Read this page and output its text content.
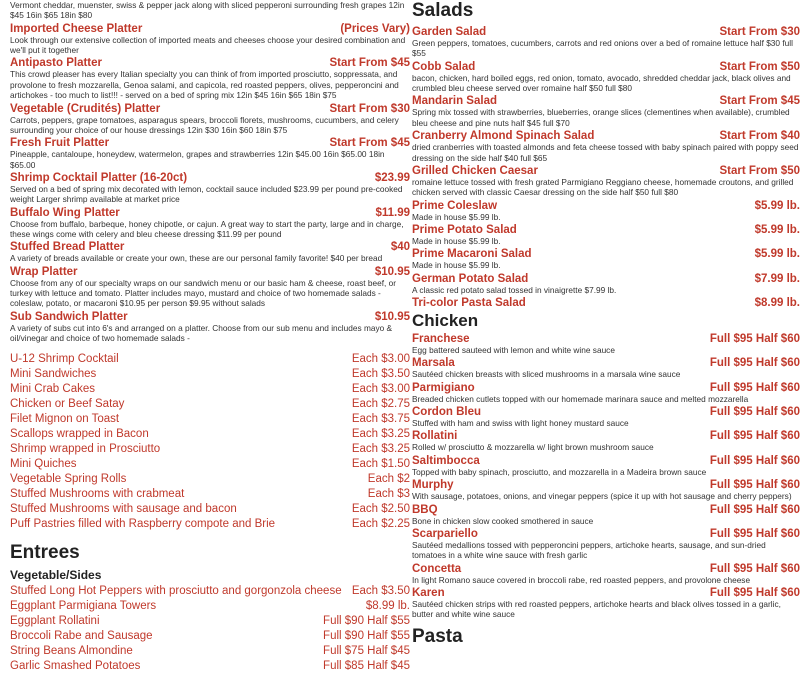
Vermont cheddar, muenster, swiss & pepper jack along with sliced pepperoni surrounding fresh grapes 12in $45 16in $65 18in $80
Imported Cheese Platter	(Prices Vary)
Look through our extensive collection of imported meats and cheeses choose your desired combination and we'll put it together
Antipasto Platter	Start From $45
This crowd pleaser has every Italian specialty you can think of from imported prosciutto, soppressata, and provolone to fresh mozzarella, Genoa salami, and capicola, red roasted peppers, olives, pepperoncini and artichokes - too much to list!!! - served on a bed of spring mix 12in $45 16in $65 18in $75
Vegetable (Crudités) Platter	Start From $30
Carrots, peppers, grape tomatoes, asparagus spears, broccoli florets, mushrooms, cucumbers, and celery surrounding your choice of our house dressings 12in $30 16in $60 18in $75
Fresh Fruit Platter	Start From $45
Pineapple, cantaloupe, honeydew, watermelon, grapes and strawberries 12in $45.00 16in $65.00 18in $65.00
Shrimp Cocktail Platter (16-20ct)	$23.99
Served on a bed of spring mix decorated with lemon, cocktail sauce included $23.99 per pound pre-cooked weight Larger shrimp available at market price
Buffalo Wing Platter	$11.99
Choose from buffalo, barbeque, honey chipotle, or cajun. A great way to start the party, large and in charge, these wings come with celery and bleu cheese dressing $11.99 per pound
Stuffed Bread Platter	$40
A variety of breads available or create your own, these are our personal family favorite! $40 per bread
Wrap Platter	$10.95
Choose from any of our specialty wraps on our sandwich menu or our basic ham & cheese, roast beef, or turkey with lettuce and tomato. Platter includes mayo, mustard and choice of two homemade salads - coleslaw, potato, or macaroni $10.95 per person $9.95 without salads
Sub Sandwich Platter	$10.95
A variety of subs cut into 6's and arranged on a platter. Choose from our sub menu and includes mayo & oil/vinegar and choice of two homemade salads -
U-12 Shrimp Cocktail	Each $3.00
Mini Sandwiches	Each $3.50
Mini Crab Cakes	Each $3.00
Chicken or Beef Satay	Each $2.75
Filet Mignon on Toast	Each $3.75
Scallops wrapped in Bacon	Each $3.25
Shrimp wrapped in Prosciutto	Each $3.25
Mini Quiches	Each $1.50
Vegetable Spring Rolls	Each $2
Stuffed Mushrooms with crabmeat	Each $3
Stuffed Mushrooms with sausage and bacon	Each $2.50
Puff Pastries filled with Raspberry compote and Brie	Each $2.25
Entrees
Vegetable/Sides
Stuffed Long Hot Peppers with prosciutto and gorgonzola cheese Each $3.50
Eggplant Parmigiana Towers	$8.99 lb.
Eggplant Rollatini	Full $90 Half $55
Broccoli Rabe and Sausage	Full $90 Half $55
String Beans Almondine	Full $75 Half $45
Garlic Smashed Potatoes	Full $85 Half $45
Salads
Garden Salad	Start From $30
Green peppers, tomatoes, cucumbers, carrots and red onions over a bed of romaine lettuce half $30 full $55
Cobb Salad	Start From $50
bacon, chicken, hard boiled eggs, red onion, tomato, avocado, shredded cheddar jack, black olives and crumbled bleu cheese served over romaine half $50 full $80
Mandarin Salad	Start From $45
Spring mix tossed with strawberries, blueberries, orange slices (clementines when available), crumbled bleu cheese and pine nuts half $45 full $70
Cranberry Almond Spinach Salad	Start From $40
dried cranberries with toasted almonds and feta cheese tossed with baby spinach paired with poppy seed dressing on the side half $40 full $65
Grilled Chicken Caesar	Start From $50
romaine lettuce tossed with fresh grated Parmigiano Reggiano cheese, homemade croutons, and grilled chicken served with classic Caesar dressing on the side half $50 full $80
Prime Coleslaw	$5.99 lb.
Made in house $5.99 lb.
Prime Potato Salad	$5.99 lb.
Made in house $5.99 lb.
Prime Macaroni Salad	$5.99 lb.
Made in house $5.99 lb.
German Potato Salad	$7.99 lb.
A classic red potato salad tossed in vinaigrette $7.99 lb.
Tri-color Pasta Salad	$8.99 lb.
Chicken
Franchese	Full $95 Half $60
Egg battered sauteed with lemon and white wine sauce
Marsala	Full $95 Half $60
Sautéed chicken breasts with sliced mushrooms in a marsala wine sauce
Parmigiano	Full $95 Half $60
Breaded chicken cutlets topped with our homemade marinara sauce and melted mozzarella
Cordon Bleu	Full $95 Half $60
Stuffed with ham and swiss with light honey mustard sauce
Rollatini	Full $95 Half $60
Rolled w/ prosciutto & mozzarella w/ light brown mushroom sauce
Saltimbocca	Full $95 Half $60
Topped with baby spinach, prosciutto, and mozzarella in a Madeira brown sauce
Murphy	Full $95 Half $60
With sausage, potatoes, onions, and vinegar peppers (spice it up with hot sausage and cherry peppers)
BBQ	Full $95 Half $60
Bone in chicken slow cooked smothered in sauce
Scarpariello	Full $95 Half $60
Sautéed medallions tossed with pepperoncini peppers, artichoke hearts, sausage, and sun-dried tomatoes in a white wine sauce with fresh garlic
Concetta	Full $95 Half $60
In light Romano sauce covered in broccoli rabe, red roasted peppers, and provolone cheese
Karen	Full $95 Half $60
Sautéed chicken strips with red roasted peppers, artichoke hearts and black olives tossed in a garlic, butter and white wine sauce
Pasta
